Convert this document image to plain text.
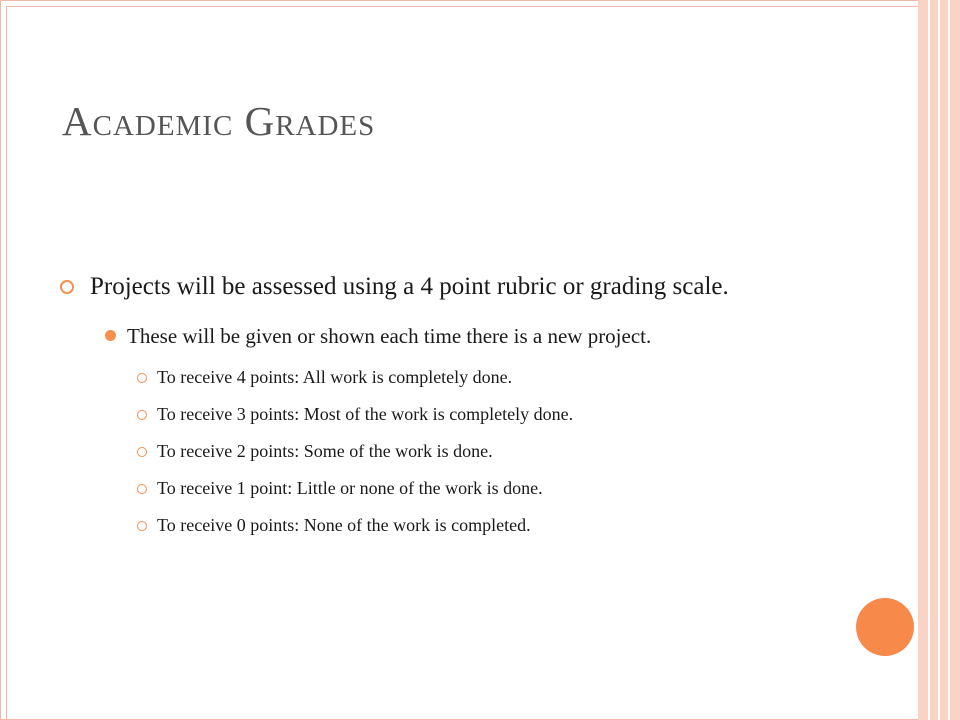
Academic Grades
Projects will be assessed using a 4 point rubric or grading scale.
These will be given or shown each time there is a new project.
To receive 4 points: All work is completely done.
To receive 3 points: Most of the work is completely done.
To receive 2 points: Some of the work is done.
To receive 1 point: Little or none of the work is done.
To receive 0 points: None of the work is completed.
